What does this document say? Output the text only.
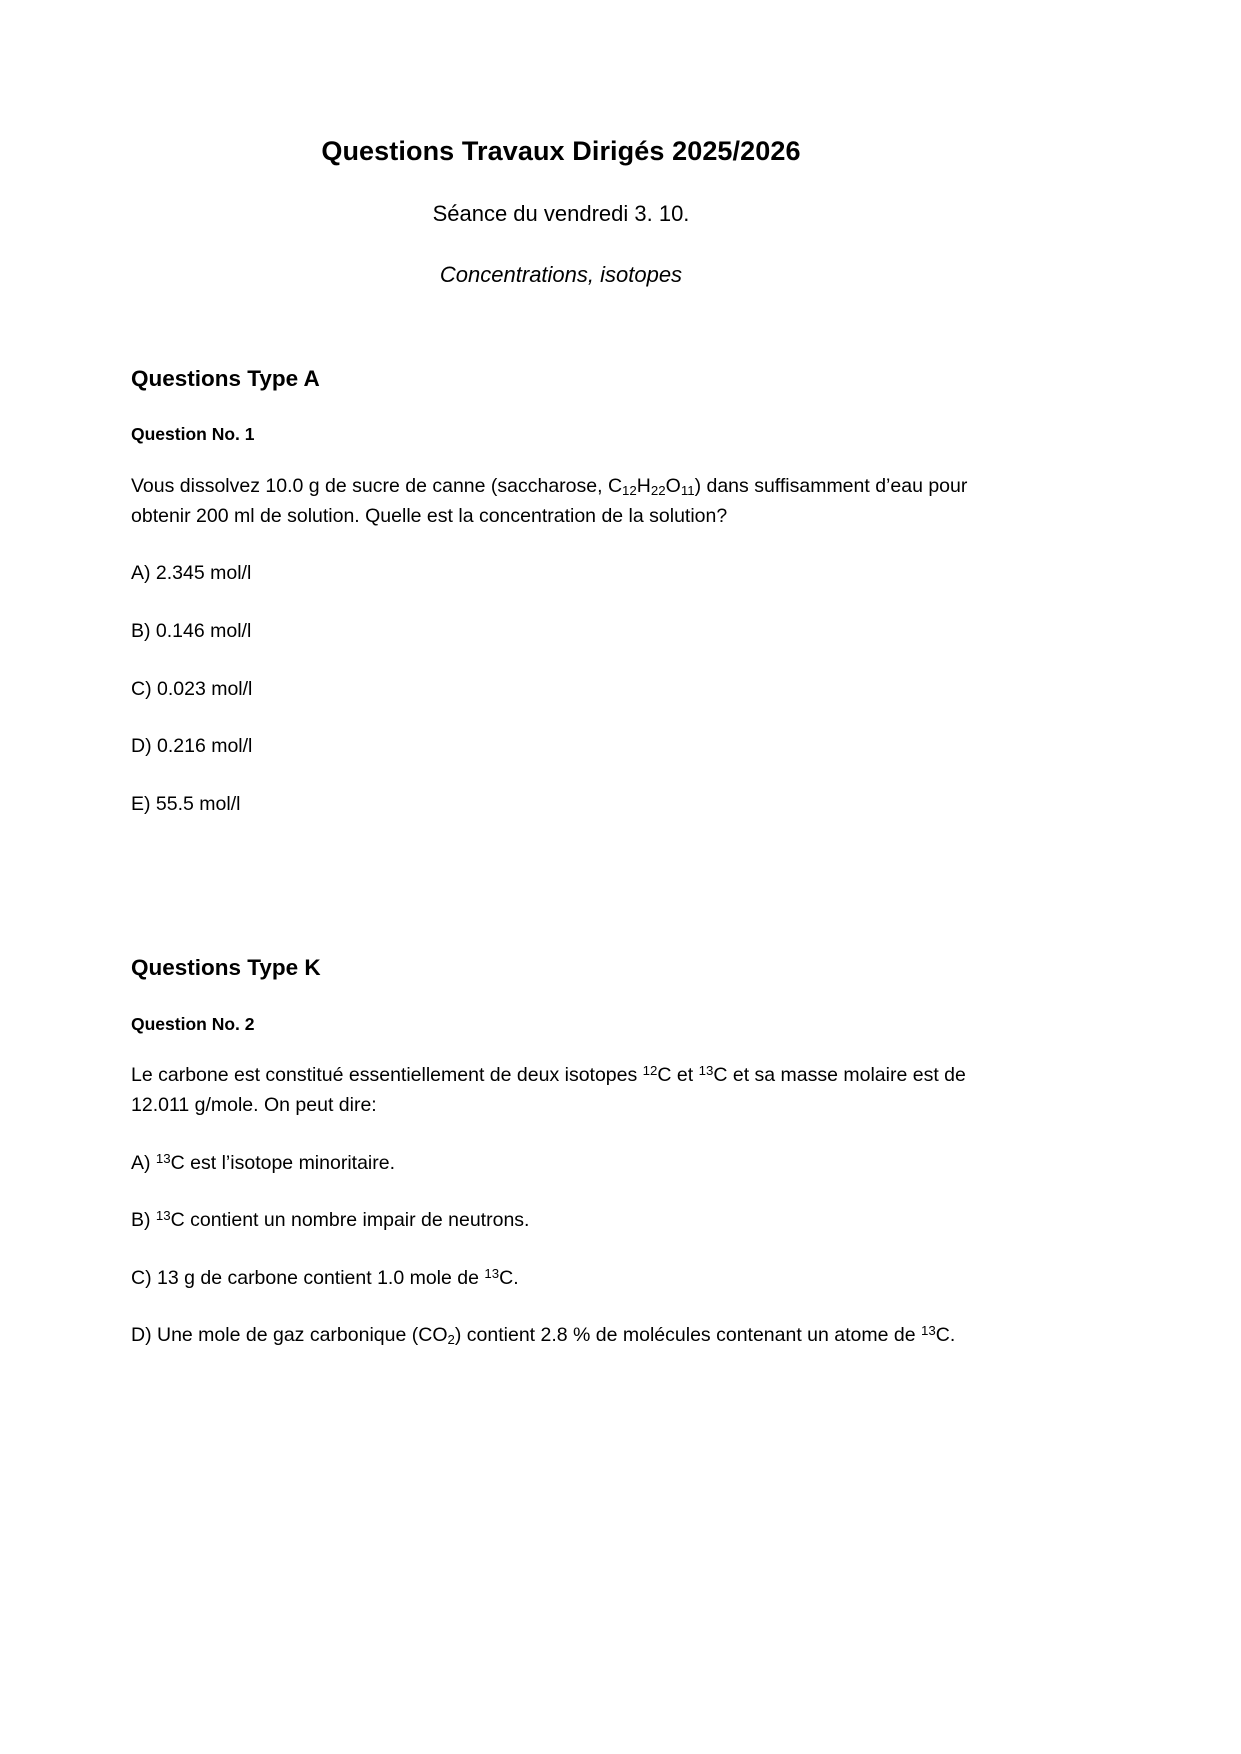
Questions Travaux Dirigés 2025/2026

Séance du vendredi 3. 10.

Concentrations, isotopes

Questions Type A
Question No. 1

Vous dissolvez 10.0 g de sucre de canne (saccharose, $C_{12}H_{22}O_{11}$) dans suffisamment d’eau pour obtenir 200 ml de solution. Quelle est la concentration de la solution?

A) 2.345 mol/l

B) 0.146 mol/l

C) 0.023 mol/l

D) 0.216 mol/l

E) 55.5 mol/l

Questions Type K
Question No. 2

Le carbone est constitué essentiellement de deux isotopes $^{12}$C et $^{13}$C et sa masse molaire est de 12.011 g/mole. On peut dire:

A) $^{13}$C est l’isotope minoritaire.

B) $^{13}$C contient un nombre impair de neutrons.

C) 13 g de carbone contient 1.0 mole de $^{13}$C.

D) Une mole de gaz carbonique $(CO_2)$ contient 2.8 % de molécules contenant un atome de $^{13}$C.
